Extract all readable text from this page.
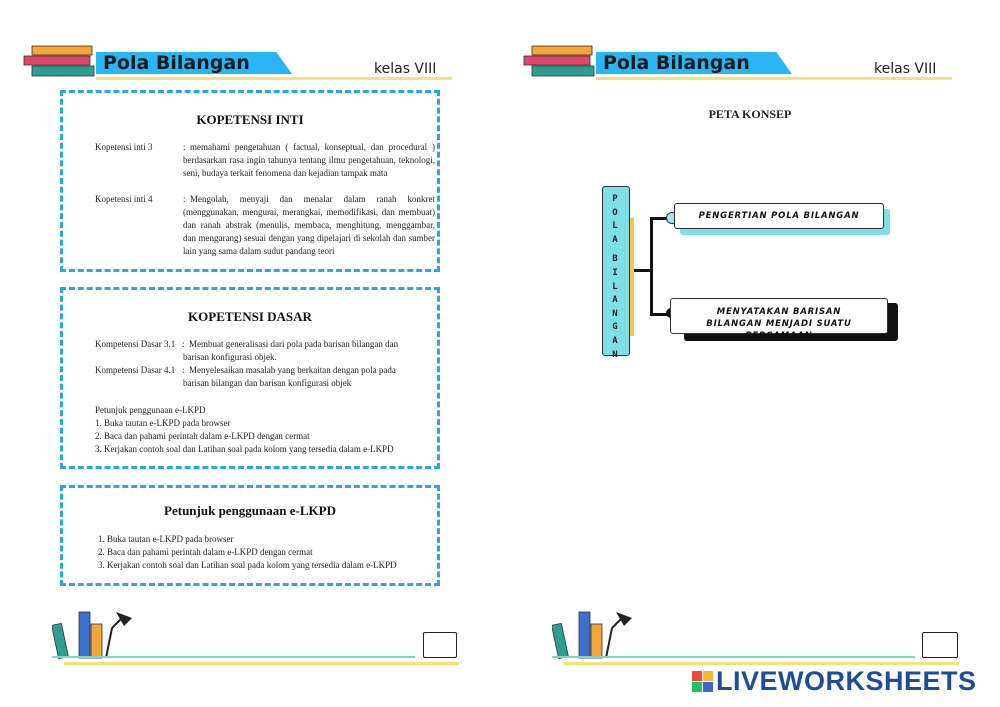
Pola Bilangan	kelas VIII
KOPETENSI INTI
Kopetensi inti 3	: memahami pengetahuan ( factual, konseptual, dan procedural ) berdasarkan rasa ingin tahunya tentang ilmu pengetahuan, teknologi, seni, budaya terkait fenomena dan kejadian tampak mata
Kopetensi inti 4	: Mengolah, menyaji dan menalar dalam ranah konkret (menggunakan, mengurai, merangkai, memodifikasi, dan membuat) dan ranah abstrak (menulis, membaca, menghitung, menggambar, dan mengarang) sesuai dengan yang dipelajari di sekolah dan sumber lain yang sama dalam sudut pandang teori
KOPETENSI DASAR
Kompetensi Dasar 3.1 : Membuat generalisasi dari pola pada barisan bilangan dan barisan konfigurasi objek.
Kompetensi Dasar 4.1 : Menyelesaikan masalah yang berkaitan dengan pola pada barisan bilangan dan barisan konfigurasi objek
Petunjuk penggunaan e-LKPD
1. Buka tautan e-LKPD pada browser
2. Baca dan pahami perintah dalam e-LKPD dengan cermat
3. Kerjakan contoh soal dan Latihan soal pada kolom yang tersedia dalam e-LKPD
Petunjuk penggunaan e-LKPD
1. Buka tautan e-LKPD pada browser
2. Baca dan pahami perintah dalam e-LKPD dengan cermat
3. Kerjakan contoh soal dan Latihan soal pada kolom yang tersedia dalam e-LKPD
Pola Bilangan	kelas VIII
PETA KONSEP
P
O
L
A
B
I
L
A
N
G
A
N
PENGERTIAN POLA BILANGAN
MENYATAKAN BARISAN BILANGAN MENJADI SUATU PERSAMAAN
LIVEWORKSHEETS
